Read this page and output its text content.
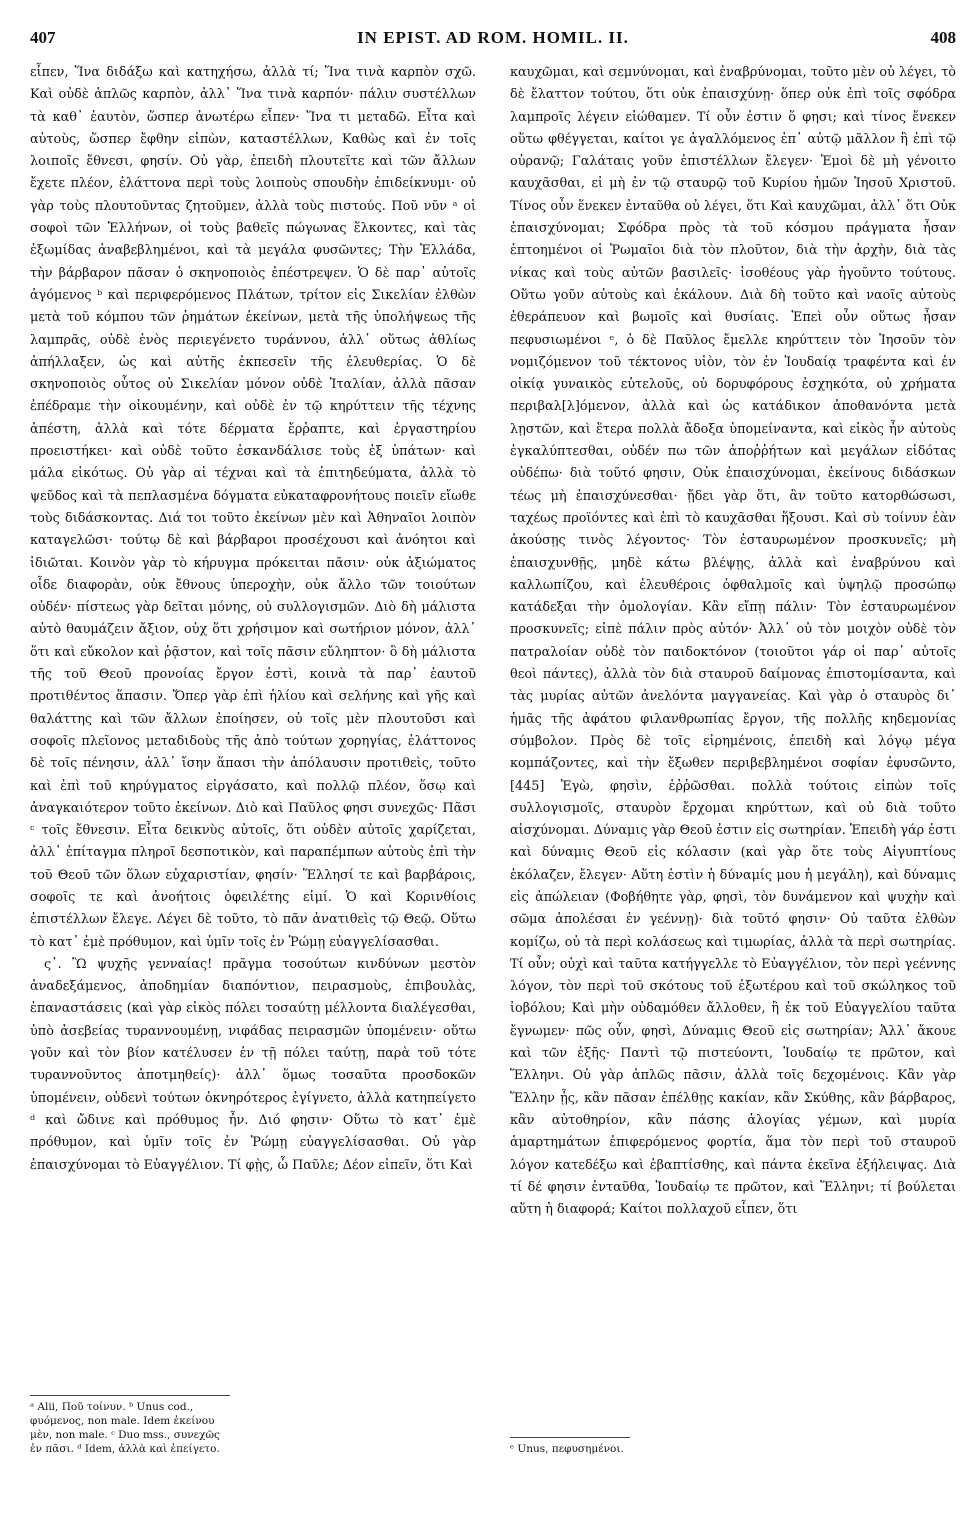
407	IN EPIST. AD ROM. HOMIL. II.	408

εἶπεν, Ἵνα διδάξω καὶ κατηχήσω, ἀλλὰ τί; Ἵνα τινὰ καρπὸν σχῶ. Καὶ οὐδὲ ἁπλῶς καρπὸν, ἀλλ᾽ Ἵνα τινὰ καρπόν· πάλιν συστέλλων τὰ καθ᾽ ἑαυτὸν, ὥσπερ ἀνωτέρω εἶπεν· Ἵνα τι μεταδῶ. Εἶτα καὶ αὐτοὺς, ὥσπερ ἔφθην εἰπὼν, καταστέλλων, Καθὼς καὶ ἐν τοῖς λοιποῖς ἔθνεσι, φησίν. Οὐ γὰρ, ἐπειδὴ πλουτεῖτε καὶ τῶν ἄλλων ἔχετε πλέον, ἐλάττονα περὶ τοὺς λοιποὺς σπουδὴν ἐπιδείκνυμι· οὐ γὰρ τοὺς πλουτοῦντας ζητοῦμεν, ἀλλὰ τοὺς πιστούς. Ποῦ νῦν ᵃ οἱ σοφοὶ τῶν Ἑλλήνων, οἱ τοὺς βαθεῖς πώγωνας ἕλκοντες, καὶ τὰς ἐξωμίδας ἀναβεβλημένοι, καὶ τὰ μεγάλα φυσῶντες; Τὴν Ἑλλάδα, τὴν βάρβαρον πᾶσαν ὁ σκηνοποιὸς ἐπέστρεψεν. Ὁ δὲ παρ᾽ αὐτοῖς ἀγόμενος ᵇ καὶ περιφερόμενος Πλάτων, τρίτον εἰς Σικελίαν ἐλθὼν μετὰ τοῦ κόμπου τῶν ῥημάτων ἐκείνων, μετὰ τῆς ὑπολήψεως τῆς λαμπρᾶς, οὐδὲ ἑνὸς περιεγένετο τυράννου, ἀλλ᾽ οὕτως ἀθλίως ἀπήλλαξεν, ὡς καὶ αὐτῆς ἐκπεσεῖν τῆς ἐλευθερίας. Ὁ δὲ σκηνοποιὸς οὗτος οὐ Σικελίαν μόνον οὐδὲ Ἰταλίαν, ἀλλὰ πᾶσαν ἐπέδραμε τὴν οἰκουμένην, καὶ οὐδὲ ἐν τῷ κηρύττειν τῆς τέχνης ἀπέστη, ἀλλὰ καὶ τότε δέρματα ἔρῥαπτε, καὶ ἐργαστηρίου προειστήκει· καὶ οὐδὲ τοῦτο ἐσκανδάλισε τοὺς ἐξ ὑπάτων· καὶ μάλα εἰκότως. Οὐ γὰρ αἱ τέχναι καὶ τὰ ἐπιτηδεύματα, ἀλλὰ τὸ ψεῦδος καὶ τὰ πεπλασμένα δόγματα εὐκαταφρονήτους ποιεῖν εἴωθε τοὺς διδάσκοντας. Διά τοι τοῦτο ἐκείνων μὲν καὶ Ἀθηναῖοι λοιπὸν καταγελῶσι· τούτῳ δὲ καὶ βάρβαροι προσέχουσι καὶ ἀνόητοι καὶ ἰδιῶται. Κοινὸν γὰρ τὸ κήρυγμα πρόκειται πᾶσιν· οὐκ ἀξιώματος οἶδε διαφορὰν, οὐκ ἔθνους ὑπεροχὴν, οὐκ ἄλλο τῶν τοιούτων οὐδέν· πίστεως γὰρ δεῖται μόνης, οὐ συλλογισμῶν. Διὸ δὴ μάλιστα αὐτὸ θαυμάζειν ἄξιον, οὐχ ὅτι χρήσιμον καὶ σωτήριον μόνον, ἀλλ᾽ ὅτι καὶ εὔκολον καὶ ῥᾷστον, καὶ τοῖς πᾶσιν εὔληπτον· ὃ δὴ μάλιστα τῆς τοῦ Θεοῦ προνοίας ἔργον ἐστὶ, κοινὰ τὰ παρ᾽ ἑαυτοῦ προτιθέντος ἅπασιν. Ὅπερ γὰρ ἐπὶ ἡλίου καὶ σελήνης καὶ γῆς καὶ θαλάττης καὶ τῶν ἄλλων ἐποίησεν, οὐ τοῖς μὲν πλουτοῦσι καὶ σοφοῖς πλεῖονος μεταδιδοὺς τῆς ἀπὸ τούτων χορηγίας, ἐλάττονος δὲ τοῖς πένησιν, ἀλλ᾽ ἴσην ἅπασι τὴν ἀπόλαυσιν προτιθεὶς, τοῦτο καὶ ἐπὶ τοῦ κηρύγματος εἰργάσατο, καὶ πολλῷ πλέον, ὅσῳ καὶ ἀναγκαιότερον τοῦτο ἐκείνων. Διὸ καὶ Παῦλος φησι συνεχῶς· Πᾶσι ᶜ τοῖς ἔθνεσιν. Εἶτα δεικνὺς αὐτοῖς, ὅτι οὐδὲν αὐτοῖς χαρίζεται, ἀλλ᾽ ἐπίταγμα πληροῖ δεσποτικὸν, καὶ παραπέμπων αὐτοὺς ἐπὶ τὴν τοῦ Θεοῦ τῶν ὅλων εὐχαριστίαν, φησίν· Ἕλλησί τε καὶ βαρβάροις, σοφοῖς τε καὶ ἀνοήτοις ὀφειλέτης εἰμί. Ὁ καὶ Κορινθίοις ἐπιστέλλων ἔλεγε. Λέγει δὲ τοῦτο, τὸ πᾶν ἀνατιθεὶς τῷ Θεῷ. Οὕτω τὸ κατ᾽ ἐμὲ πρόθυμον, καὶ ὑμῖν τοῖς ἐν Ῥώμῃ εὐαγγελίσασθαι.

ς᾽. Ὢ ψυχῆς γενναίας! πρᾶγμα τοσούτων κινδύνων μεστὸν ἀναδεξάμενος, ἀποδημίαν διαπόντιον, πειρασμοὺς, ἐπιβουλὰς, ἐπαναστάσεις (καὶ γὰρ εἰκὸς πόλει τοσαύτῃ μέλλοντα διαλέγεσθαι, ὑπὸ ἀσεβείας τυραννουμένῃ, νιφάδας πειρασμῶν ὑπομένειν· οὕτω γοῦν καὶ τὸν βίον κατέλυσεν ἐν τῇ πόλει ταύτῃ, παρὰ τοῦ τότε τυραννοῦντος ἀποτμηθείς)· ἀλλ᾽ ὅμως τοσαῦτα προσδοκῶν ὑπομένειν, οὐδενὶ τούτων ὀκνηρότερος ἐγίγνετο, ἀλλὰ κατηπείγετο ᵈ καὶ ὤδινε καὶ πρόθυμος ἦν. Διό φησιν· Οὕτω τὸ κατ᾽ ἐμὲ πρόθυμον, καὶ ὑμῖν τοῖς ἐν Ῥώμῃ εὐαγγελίσασθαι. Οὐ γὰρ ἐπαισχύνομαι τὸ Εὐαγγέλιον. Τί φῂς, ὦ Παῦλε; Δέον εἰπεῖν, ὅτι Καὶ

ᵃ Alii, Ποῦ τοίνυν. ᵇ Unus cod., φυόμενος, non male. Idem ἐκείνου μὲν, non male. ᶜ Duo mss., συνεχῶς ἐν πᾶσι. ᵈ Idem, ἀλλὰ καὶ ἐπείγετο.

καυχῶμαι, καὶ σεμνύνομαι, καὶ ἐναβρύνομαι, τοῦτο μὲν οὐ λέγει, τὸ δὲ ἔλαττον τούτου, ὅτι οὐκ ἐπαισχύνῃ· ὅπερ οὐκ ἐπὶ τοῖς σφόδρα λαμπροῖς λέγειν εἰώθαμεν. Τί οὖν ἐστιν ὅ φησι; καὶ τίνος ἕνεκεν οὕτω φθέγγεται, καίτοι γε ἀγαλλόμενος ἐπ᾽ αὐτῷ μᾶλλον ἢ ἐπὶ τῷ οὐρανῷ; Γαλάταις γοῦν ἐπιστέλλων ἔλεγεν· Ἐμοὶ δὲ μὴ γένοιτο καυχᾶσθαι, εἰ μὴ ἐν τῷ σταυρῷ τοῦ Κυρίου ἡμῶν Ἰησοῦ Χριστοῦ. Τίνος οὖν ἕνεκεν ἐνταῦθα οὐ λέγει, ὅτι Καὶ καυχῶμαι, ἀλλ᾽ ὅτι Οὐκ ἐπαισχύνομαι; Σφόδρα πρὸς τὰ τοῦ κόσμου πράγματα ἦσαν ἐπτοημένοι οἱ Ῥωμαῖοι διὰ τὸν πλοῦτον, διὰ τὴν ἀρχὴν, διὰ τὰς νίκας καὶ τοὺς αὐτῶν βασιλεῖς· ἰσοθέους γὰρ ἡγοῦντο τούτους. Οὕτω γοῦν αὐτοὺς καὶ ἐκάλουν. Διὰ δὴ τοῦτο καὶ ναοῖς αὐτοὺς ἐθεράπευον καὶ βωμοῖς καὶ θυσίαις. Ἐπεὶ οὖν οὕτως ἦσαν πεφυσιωμένοι ᵉ, ὁ δὲ Παῦλος ἔμελλε κηρύττειν τὸν Ἰησοῦν τὸν νομιζόμενον τοῦ τέκτονος υἱὸν, τὸν ἐν Ἰουδαίᾳ τραφέντα καὶ ἐν οἰκίᾳ γυναικὸς εὐτελοῦς, οὐ δορυφόρους ἐσχηκότα, οὐ χρήματα περιβαλ[λ]όμενον, ἀλλὰ καὶ ὡς κατάδικον ἀποθανόντα μετὰ λῃστῶν, καὶ ἕτερα πολλὰ ἄδοξα ὑπομείναντα, καὶ εἰκὸς ἦν αὐτοὺς ἐγκαλύπτεσθαι, οὐδέν πω τῶν ἀποῤῥήτων καὶ μεγάλων εἰδότας οὐδέπω· διὰ τοῦτό φησιν, Οὐκ ἐπαισχύνομαι, ἐκείνους διδάσκων τέως μὴ ἐπαισχύνεσθαι· ᾔδει γὰρ ὅτι, ἂν τοῦτο κατορθώσωσι, ταχέως προϊόντες καὶ ἐπὶ τὸ καυχᾶσθαι ἥξουσι. Καὶ σὺ τοίνυν ἐὰν ἀκούσῃς τινὸς λέγοντος· Τὸν ἐσταυρωμένον προσκυνεῖς; μὴ ἐπαισχυνθῇς, μηδὲ κάτω βλέψῃς, ἀλλὰ καὶ ἐναβρύνου καὶ καλλωπίζου, καὶ ἐλευθέροις ὀφθαλμοῖς καὶ ὑψηλῷ προσώπῳ κατάδεξαι τὴν ὁμολογίαν. Κἂν εἴπῃ πάλιν· Τὸν ἐσταυρωμένον προσκυνεῖς; εἰπὲ πάλιν πρὸς αὐτόν· Ἀλλ᾽ οὐ τὸν μοιχὸν οὐδὲ τὸν πατραλοίαν οὐδὲ τὸν παιδοκτόνον (τοιοῦτοι γάρ οἱ παρ᾽ αὐτοῖς θεοὶ πάντες), ἀλλὰ τὸν διὰ σταυροῦ δαίμονας ἐπιστομίσαντα, καὶ τὰς μυρίας αὐτῶν ἀνελόντα μαγγανείας. Καὶ γὰρ ὁ σταυρὸς δι᾽ ἡμᾶς τῆς ἀφάτου φιλανθρωπίας ἔργον, τῆς πολλῆς κηδεμονίας σύμβολον. Πρὸς δὲ τοῖς εἰρημένοις, ἐπειδὴ καὶ λόγῳ μέγα κομπάζοντες, καὶ τὴν ἔξωθεν περιβεβλημένοι σοφίαν ἐφυσῶντο, [445] Ἐγὼ, φησὶν, ἐῤῥῶσθαι. πολλὰ τούτοις εἰπὼν τοῖς συλλογισμοῖς, σταυρὸν ἔρχομαι κηρύττων, καὶ οὐ διὰ τοῦτο αἰσχύνομαι. Δύναμις γὰρ Θεοῦ ἐστιν εἰς σωτηρίαν. Ἐπειδὴ γάρ ἐστι καὶ δύναμις Θεοῦ εἰς κόλασιν (καὶ γὰρ ὅτε τοὺς Αἰγυπτίους ἐκόλαζεν, ἔλεγεν· Αὕτη ἐστὶν ἡ δύναμίς μου ἡ μεγάλη), καὶ δύναμις εἰς ἀπώλειαν (Φοβήθητε γὰρ, φησὶ, τὸν δυνάμενον καὶ ψυχὴν καὶ σῶμα ἀπολέσαι ἐν γεέννῃ)· διὰ τοῦτό φησιν· Οὐ ταῦτα ἐλθὼν κομίζω, οὐ τὰ περὶ κολάσεως καὶ τιμωρίας, ἀλλὰ τὰ περὶ σωτηρίας. Τί οὖν; οὐχὶ καὶ ταῦτα κατήγγελλε τὸ Εὐαγγέλιον, τὸν περὶ γεέννης λόγον, τὸν περὶ τοῦ σκότους τοῦ ἐξωτέρου καὶ τοῦ σκώληκος τοῦ ἰοβόλου; Καὶ μὴν οὐδαμόθεν ἄλλοθεν, ἢ ἐκ τοῦ Εὐαγγελίου ταῦτα ἔγνωμεν· πῶς οὖν, φησὶ, Δύναμις Θεοῦ εἰς σωτηρίαν; Ἀλλ᾽ ἄκουε καὶ τῶν ἑξῆς· Παντὶ τῷ πιστεύοντι, Ἰουδαίῳ τε πρῶτον, καὶ Ἕλληνι. Οὐ γὰρ ἁπλῶς πᾶσιν, ἀλλὰ τοῖς δεχομένοις. Κἂν γὰρ Ἕλλην ᾖς, κἂν πᾶσαν ἐπέλθῃς κακίαν, κἂν Σκύθης, κἂν βάρβαρος, κἂν αὐτοθηρίον, κἂν πάσης ἀλογίας γέμων, καὶ μυρία ἁμαρτημάτων ἐπιφερόμενος φορτία, ἅμα τὸν περὶ τοῦ σταυροῦ λόγον κατεδέξω καὶ ἐβαπτίσθης, καὶ πάντα ἐκεῖνα ἐξήλειψας. Διὰ τί δέ φησιν ἐνταῦθα, Ἰουδαίῳ τε πρῶτον, καὶ Ἕλληνι; τί βούλεται αὕτη ἡ διαφορά; Καίτοι πολλαχοῦ εἶπεν, ὅτι

ᵉ Unus, πεφυσημένοι.
